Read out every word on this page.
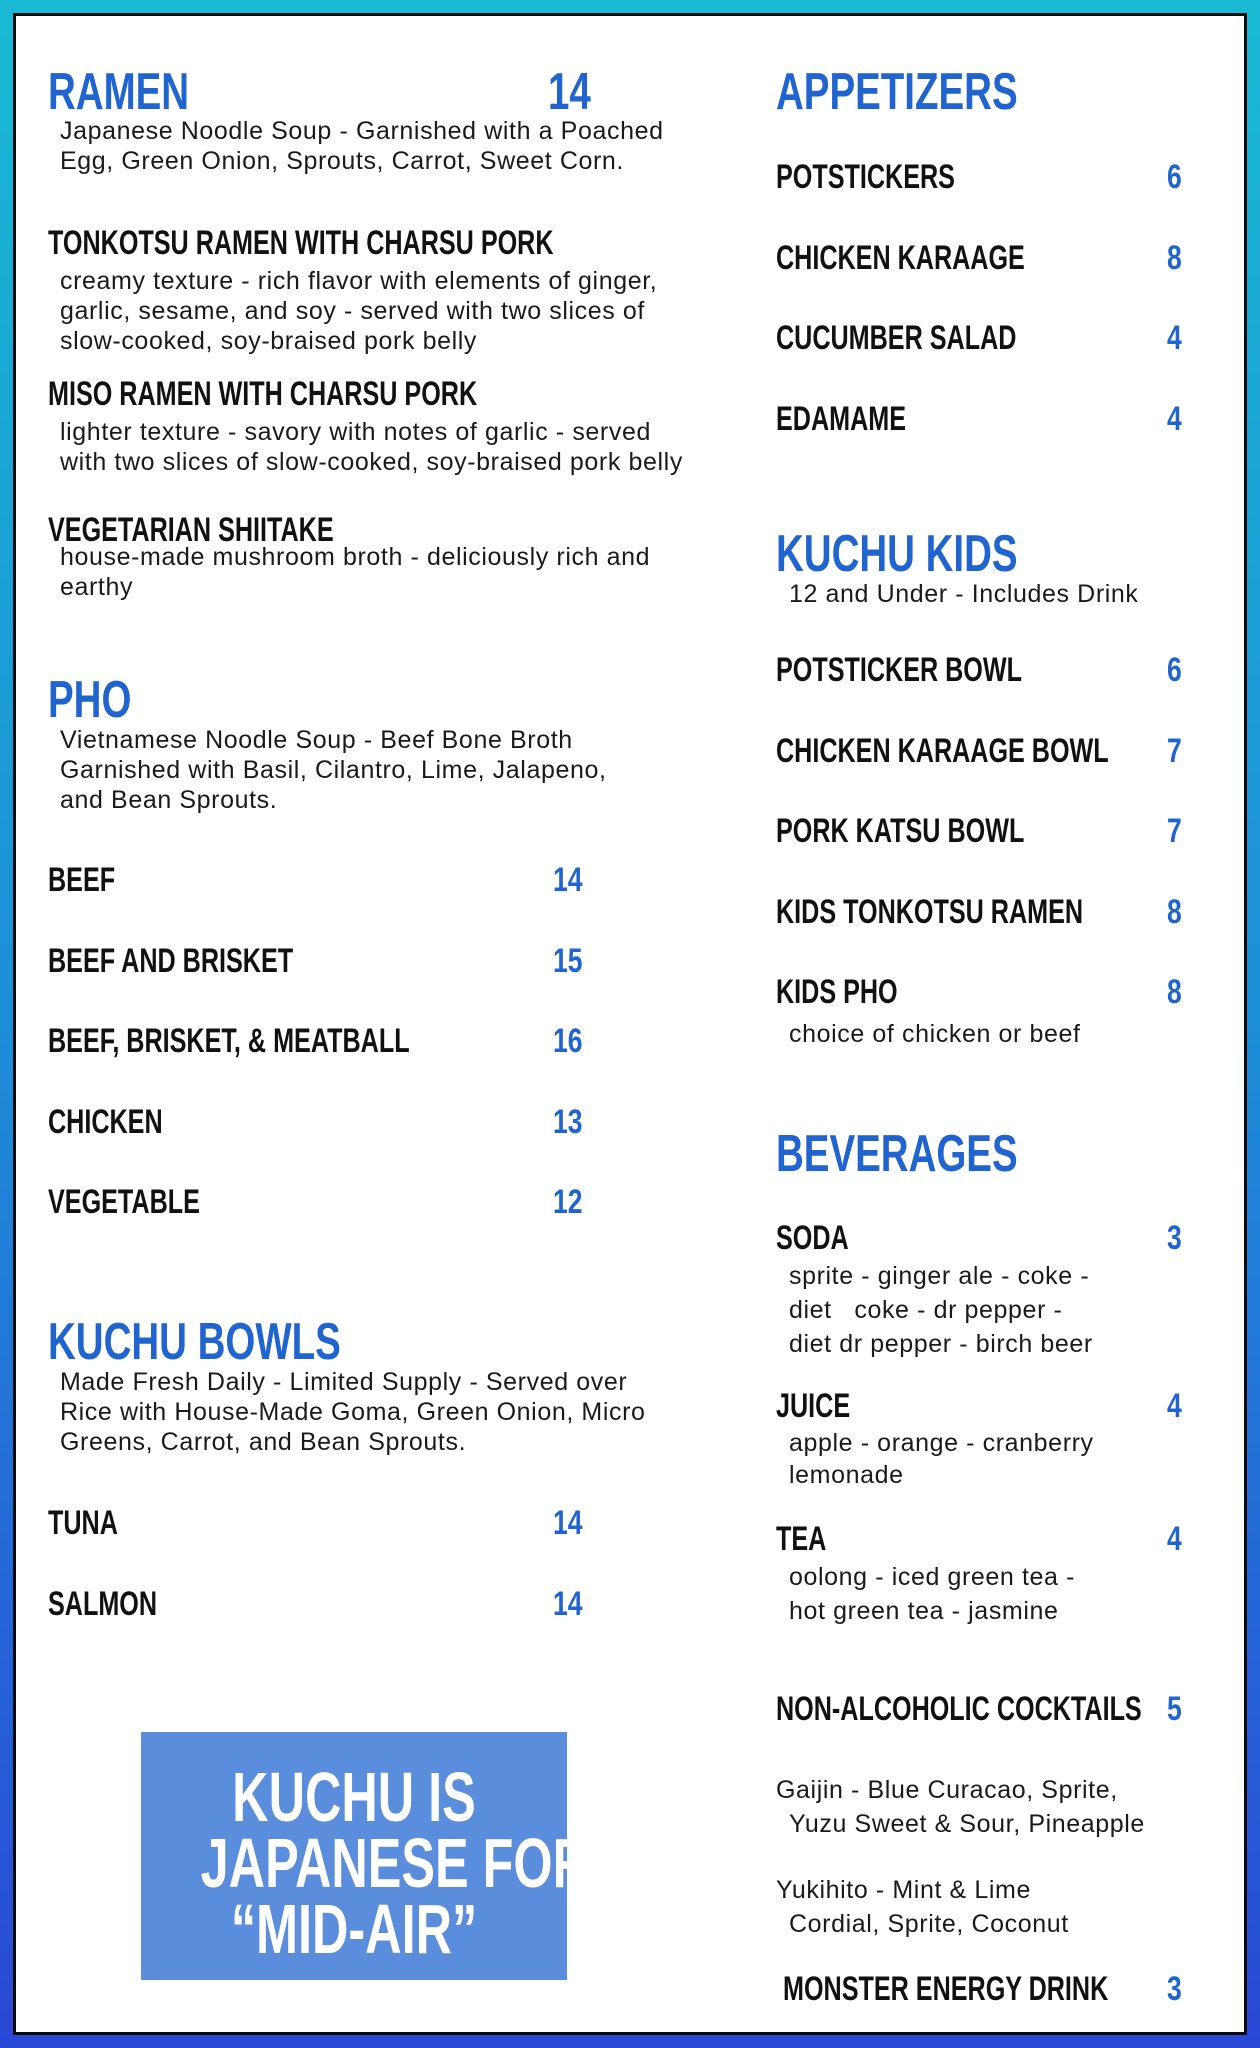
RAMEN	14
Japanese Noodle Soup - Garnished with a Poached
Egg, Green Onion, Sprouts, Carrot, Sweet Corn.
TONKOTSU RAMEN WITH CHARSU PORK
creamy texture - rich flavor with elements of ginger,
garlic, sesame, and soy - served with two slices of
slow-cooked, soy-braised pork belly
MISO RAMEN WITH CHARSU PORK
lighter texture - savory with notes of garlic - served
with two slices of slow-cooked, soy-braised pork belly
VEGETARIAN SHIITAKE
house-made mushroom broth - deliciously rich and
earthy
PHO
Vietnamese Noodle Soup - Beef Bone Broth
Garnished with Basil, Cilantro, Lime, Jalapeno,
and Bean Sprouts.
BEEF	14
BEEF AND BRISKET	15
BEEF, BRISKET, & MEATBALL	16
CHICKEN	13
VEGETABLE	12
KUCHU BOWLS
Made Fresh Daily - Limited Supply - Served over
Rice with House-Made Goma, Green Onion, Micro
Greens, Carrot, and Bean Sprouts.
TUNA	14
SALMON	14
KUCHU IS
JAPANESE FOR
“MID-AIR”
APPETIZERS
POTSTICKERS	6
CHICKEN KARAAGE	8
CUCUMBER SALAD	4
EDAMAME	4
KUCHU KIDS
12 and Under - Includes Drink
POTSTICKER BOWL	6
CHICKEN KARAAGE BOWL 7
PORK KATSU BOWL	7
KIDS TONKOTSU RAMEN 8
KIDS PHO	8
choice of chicken or beef
BEVERAGES
SODA	3
sprite - ginger ale - coke -
diet   coke - dr pepper -
diet dr pepper - birch beer
JUICE	4
apple - orange - cranberry
lemonade
TEA	4
oolong - iced green tea -
hot green tea - jasmine
NON-ALCOHOLIC COCKTAILS 5
Gaijin - Blue Curacao, Sprite,
Yuzu Sweet & Sour, Pineapple
Yukihito - Mint & Lime
Cordial, Sprite, Coconut
MONSTER ENERGY DRINK 3
